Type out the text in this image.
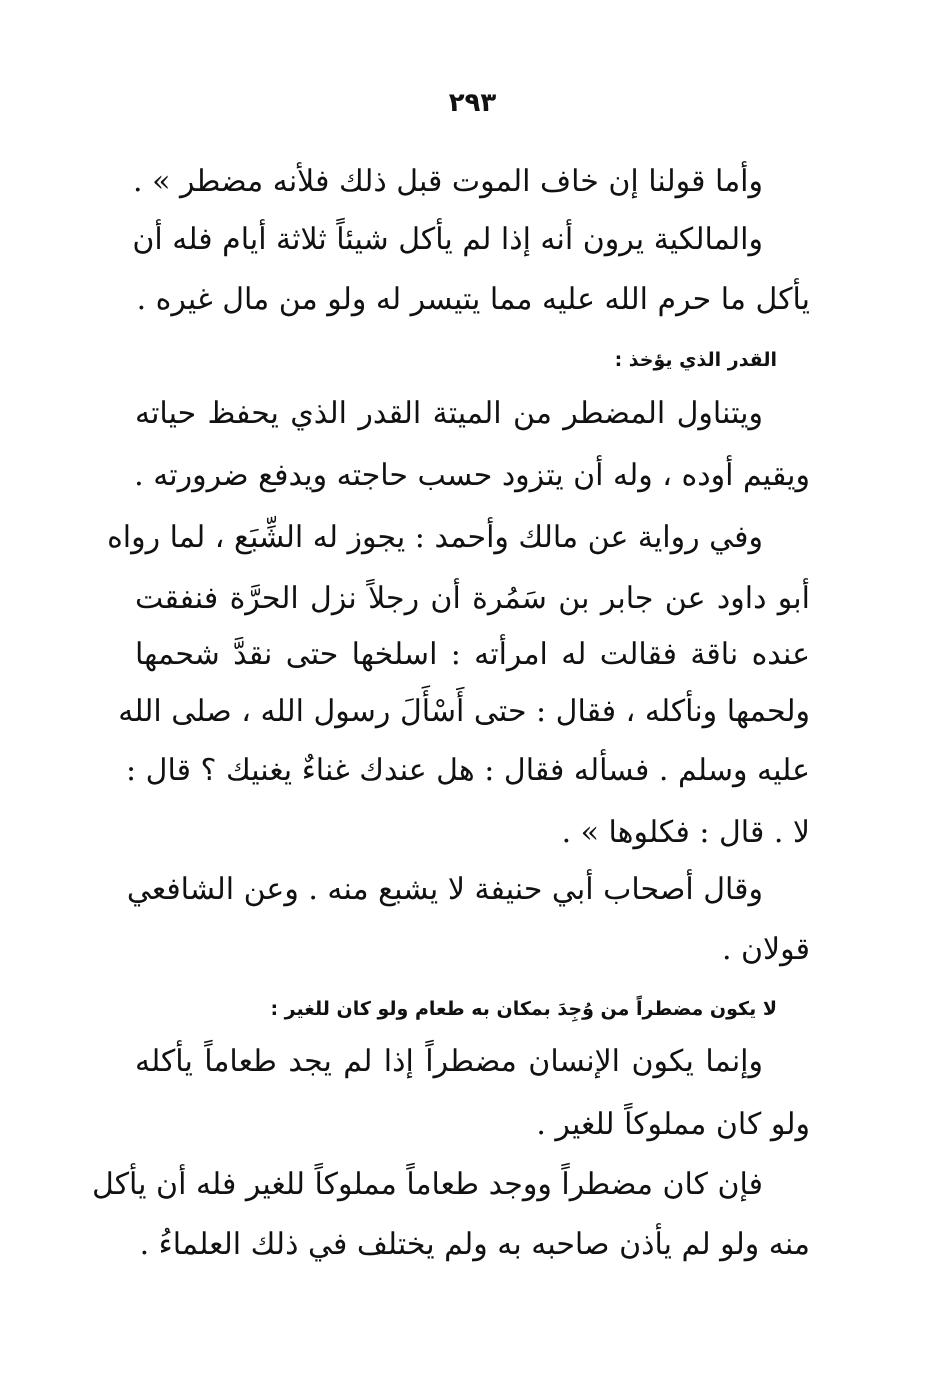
٢٩٣
وأما قولنا إن خاف الموت قبل ذلك فلأنه مضطر » .
والمالكية يرون أنه إذا لم يأكل شيئاً ثلاثة أيام فله أن
يأكل ما حرم الله عليه مما يتيسر له ولو من مال غيره .
القدر الذي يؤخذ :
ويتناول المضطر من الميتة القدر الذي يحفظ حياته
ويقيم أوده ، وله أن يتزود حسب حاجته ويدفع ضرورته .
وفي رواية عن مالك وأحمد : يجوز له الشِّبَع ، لما رواه
أبو داود عن جابر بن سَمُرة أن رجلاً نزل الحرَّة فنفقت
عنده ناقة فقالت له امرأته : اسلخها حتى نقدَّ شحمها
ولحمها ونأكله ، فقال : حتى أَسْأَلَ رسول الله ، صلى الله
عليه وسلم . فسأله فقال : هل عندك غناءٌ يغنيك ؟ قال :
لا . قال : فكلوها » .
وقال أصحاب أبي حنيفة لا يشبع منه . وعن الشافعي
قولان .
لا يكون مضطراً من وُجِدَ بمكان به طعام ولو كان للغير :
وإنما يكون الإنسان مضطراً إذا لم يجد طعاماً يأكله
ولو كان مملوكاً للغير .
فإن كان مضطراً ووجد طعاماً مملوكاً للغير فله أن يأكل
منه ولو لم يأذن صاحبه به ولم يختلف في ذلك العلماءُ .
